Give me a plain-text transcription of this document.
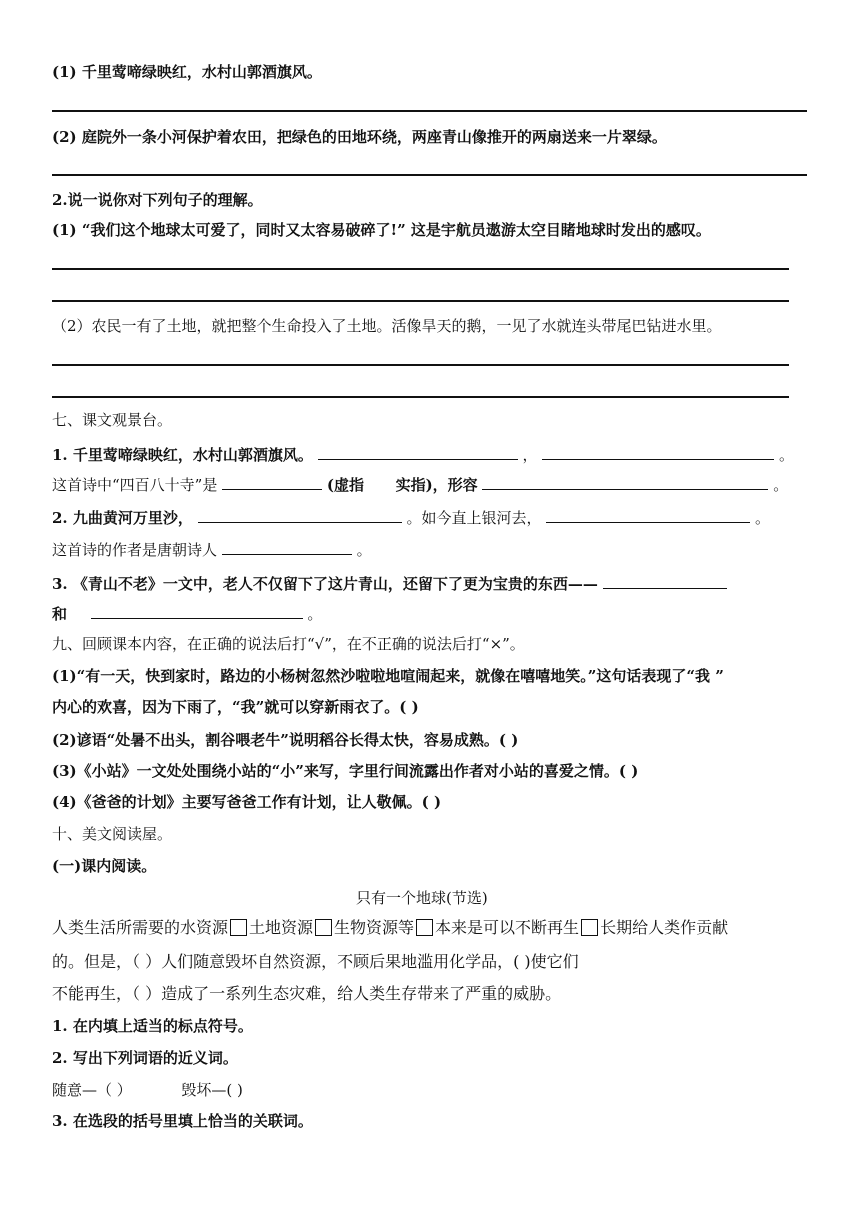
(1) 千里莺啼绿映红，水村山郭酒旗风。
(2) 庭院外一条小河保护着农田，把绿色的田地环绕，两座青山像推开的两扇送来一片翠绿。
2.说一说你对下列句子的理解。
(1) “我们这个地球太可爱了，同时又太容易破碎了!” 这是宇航员遨游太空目睹地球时发出的感叹。
（2）农民一有了土地，就把整个生命投入了土地。活像旱天的鹅，一见了水就连头带尾巴钻进水里。
七、课文观景台。
1. 千里莺啼绿映红，水村山郭酒旗风。	，	。
这首诗中“四百八十寺”是	(虚指 实指)，形容	。
2. 九曲黄河万里沙，	。如今直上银河去，	。
这首诗的作者是唐朝诗人	。
3. 《青山不老》一文中，老人不仅留下了这片青山，还留下了更为宝贵的东西——
和	。
九、回顾课本内容，在正确的说法后打“√”，在不正确的说法后打“×”。
(1)“有一天，快到家时，路边的小杨树忽然沙啦啦地喧闹起来，就像在嘻嘻地笑。”这句话表现了“我 ”
内心的欢喜，因为下雨了，“我”就可以穿新雨衣了。( )
(2)谚语“处暑不出头，割谷喂老牛”说明稻谷长得太快，容易成熟。( )
(3)《小站》一文处处围绕小站的“小”来写，字里行间流露出作者对小站的喜爱之情。( )
(4)《爸爸的计划》主要写爸爸工作有计划，让人敬佩。( )
十、美文阅读屋。
(一)课内阅读。
只有一个地球(节选)
人类生活所需要的水资源 土地资源 生物资源等 本来是可以不断再生 长期给人类作贡献
的。但是，（ ）人们随意毁坏自然资源，不顾后果地滥用化学品，( )使它们
不能再生，（ ）造成了一系列生态灾难，给人类生存带来了严重的威胁。
1. 在内填上适当的标点符号。
2. 写出下列词语的近义词。
随意—（ ）	毁坏—( )
3. 在选段的括号里填上恰当的关联词。
